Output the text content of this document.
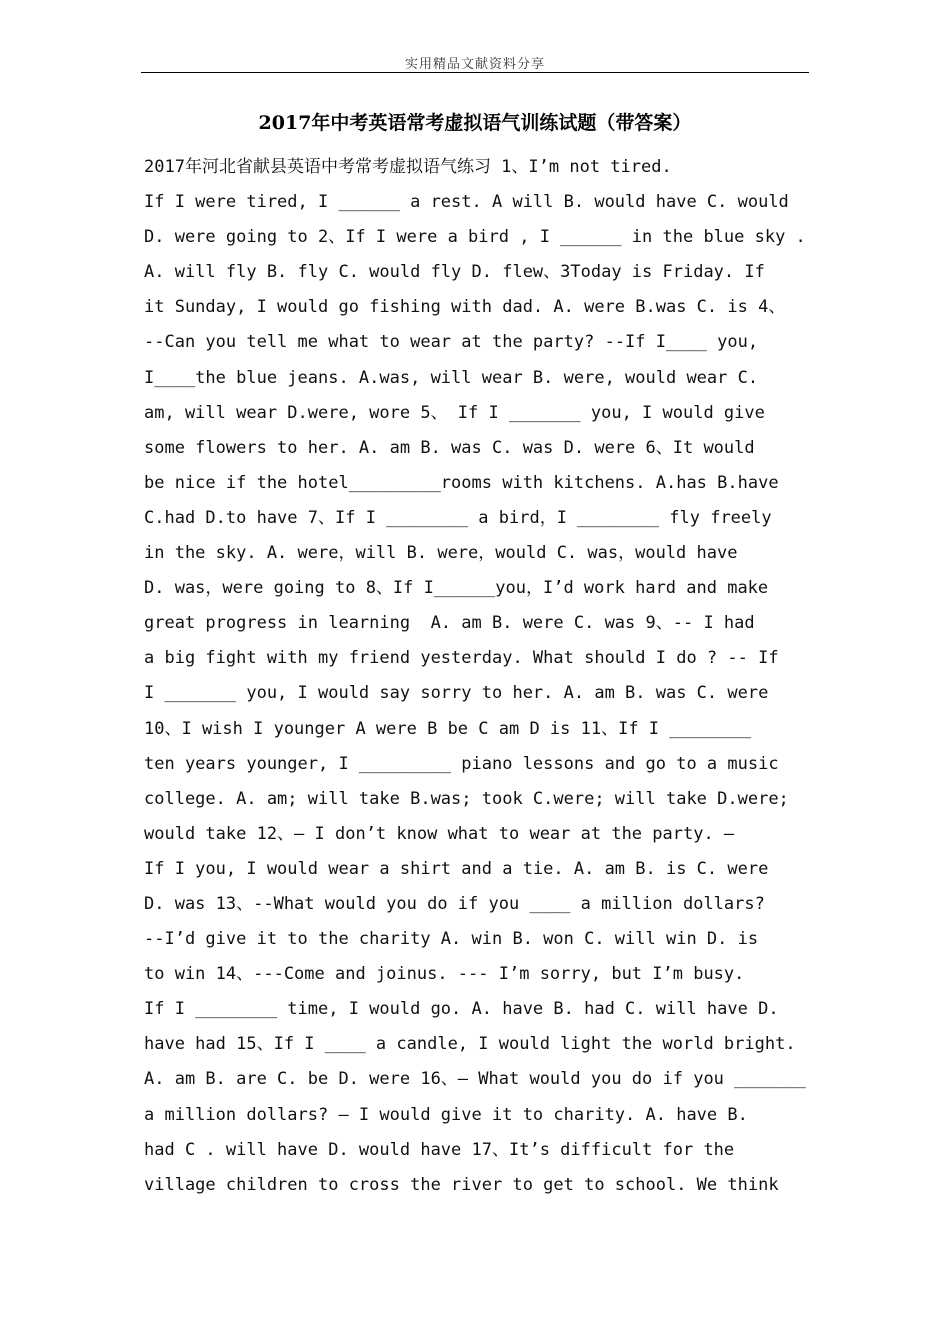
实用精品文献资料分享
2017年中考英语常考虚拟语气训练试题（带答案）
2017年河北省献县英语中考常考虚拟语气练习 1、I’m not tired.
If I were tired, I ______ a rest. A will B. would have C. would
D. were going to 2、If I were a bird , I ______ in the blue sky .
A. will fly B. fly C. would fly D. flew、3Today is Friday. If
it Sunday, I would go fishing with dad. A. were B.was C. is 4、
--Can you tell me what to wear at the party? --If I____ you,
I____the blue jeans. A.was, will wear B. were, would wear C.
am, will wear D.were, wore 5、 If I _______ you, I would give
some flowers to her. A. am B. was C. was D. were 6、It would
be nice if the hotel_________rooms with kitchens. A.has B.have
C.had D.to have 7、If I ________ a bird，I ________ fly freely
in the sky. A. were，will B. were，would C. was，would have
D. was，were going to 8、If I______you，I’d work hard and make
great progress in learning  A. am B. were C. was 9、-- I had
a big fight with my friend yesterday. What should I do ? -- If
I _______ you, I would say sorry to her. A. am B. was C. were
10、I wish I younger A were B be C am D is 11、If I ________
ten years younger, I _________ piano lessons and go to a music
college. A. am; will take B.was; took C.were; will take D.were;
would take 12、— I don’t know what to wear at the party. —
If I you, I would wear a shirt and a tie. A. am B. is C. were
D. was 13、--What would you do if you ____ a million dollars?
--I’d give it to the charity A. win B. won C. will win D. is
to win 14、---Come and joinus. --- I’m sorry, but I’m busy.
If I ________ time, I would go. A. have B. had C. will have D.
have had 15、If I ____ a candle, I would light the world bright.
A. am B. are C. be D. were 16、— What would you do if you _______
a million dollars? — I would give it to charity. A. have B.
had C . will have D. would have 17、It’s difficult for the
village children to cross the river to get to school. We think
